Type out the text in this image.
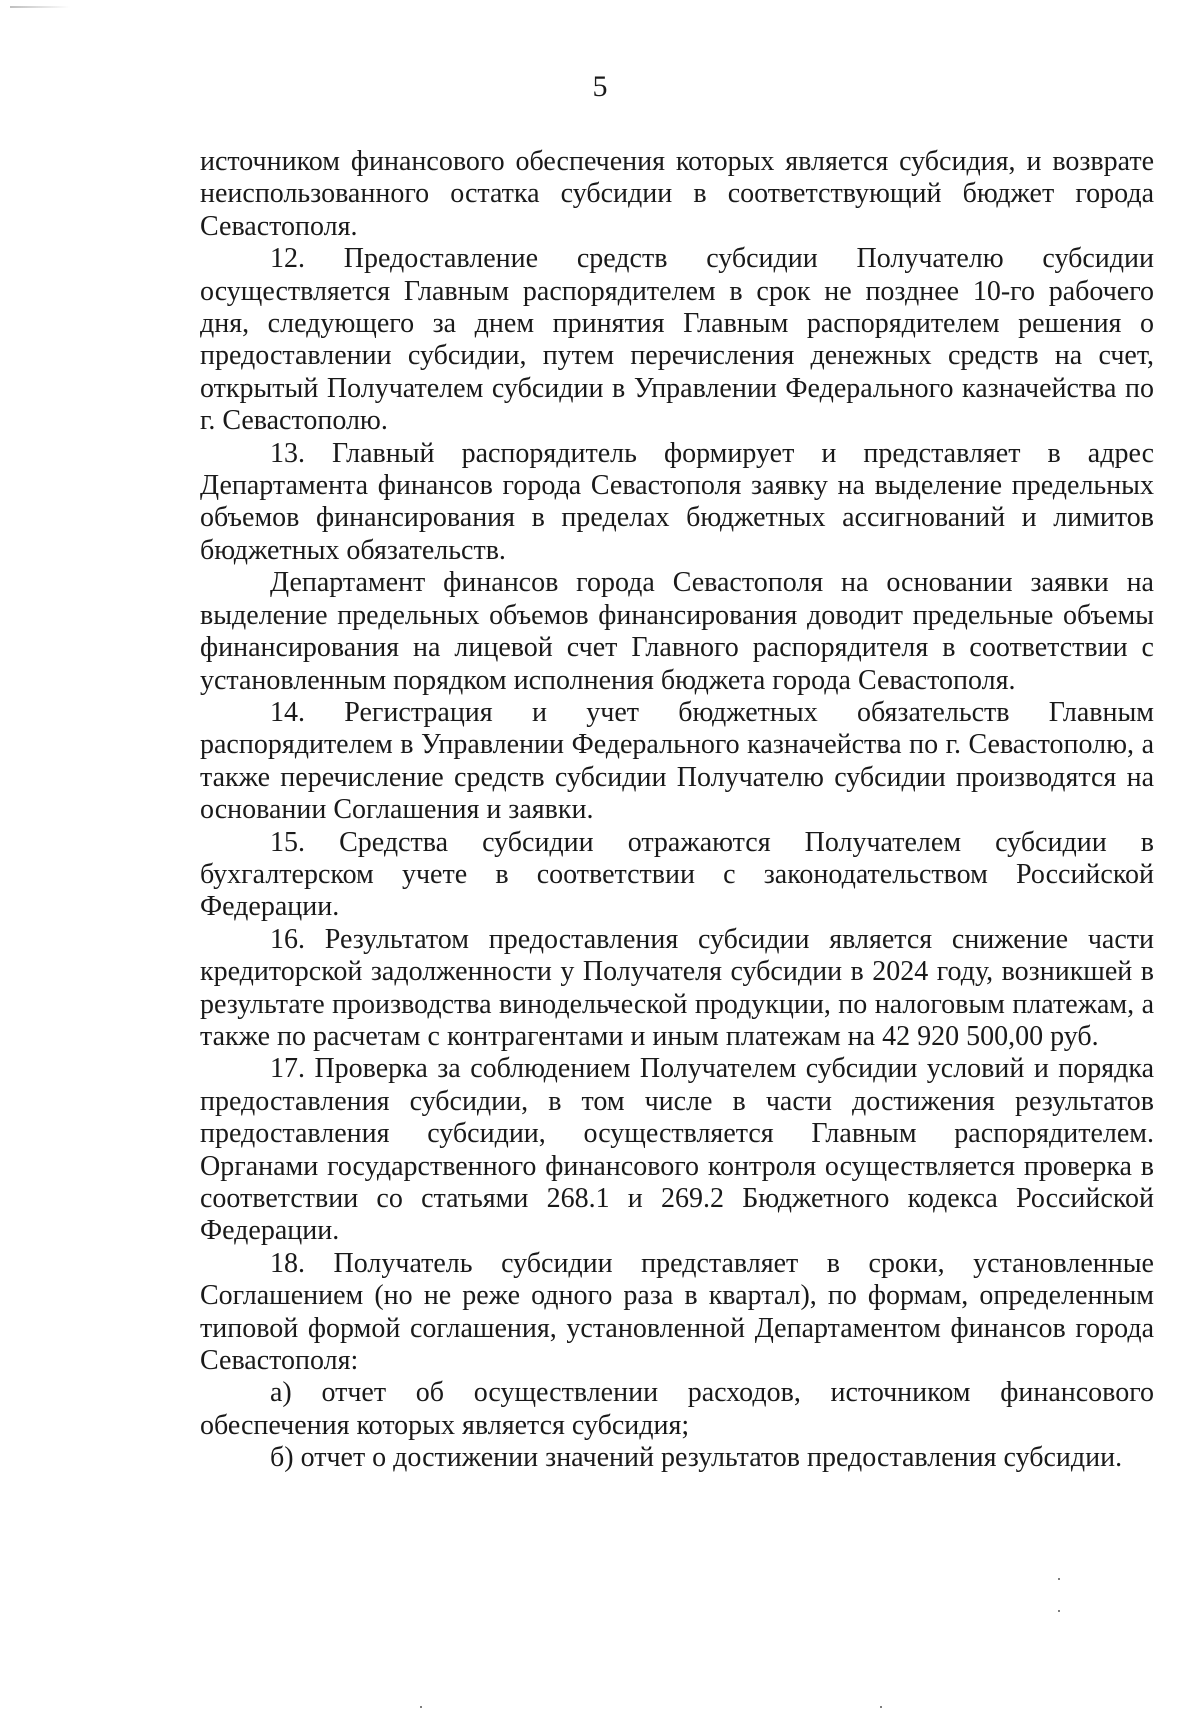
5

источником финансового обеспечения которых является субсидия, и возврате неиспользованного остатка субсидии в соответствующий бюджет города Севастополя.

12. Предоставление средств субсидии Получателю субсидии осуществляется Главным распорядителем в срок не позднее 10-го рабочего дня, следующего за днем принятия Главным распорядителем решения о предоставлении субсидии, путем перечисления денежных средств на счет, открытый Получателем субсидии в Управлении Федерального казначейства по г. Севастополю.

13. Главный распорядитель формирует и представляет в адрес Департамента финансов города Севастополя заявку на выделение предельных объемов финансирования в пределах бюджетных ассигнований и лимитов бюджетных обязательств.

Департамент финансов города Севастополя на основании заявки на выделение предельных объемов финансирования доводит предельные объемы финансирования на лицевой счет Главного распорядителя в соответствии с установленным порядком исполнения бюджета города Севастополя.

14. Регистрация и учет бюджетных обязательств Главным распорядителем в Управлении Федерального казначейства по г. Севастополю, а также перечисление средств субсидии Получателю субсидии производятся на основании Соглашения и заявки.

15. Средства субсидии отражаются Получателем субсидии в бухгалтерском учете в соответствии с законодательством Российской Федерации.

16. Результатом предоставления субсидии является снижение части кредиторской задолженности у Получателя субсидии в 2024 году, возникшей в результате производства винодельческой продукции, по налоговым платежам, а также по расчетам с контрагентами и иным платежам на 42 920 500,00 руб.

17. Проверка за соблюдением Получателем субсидии условий и порядка предоставления субсидии, в том числе в части достижения результатов предоставления субсидии, осуществляется Главным распорядителем. Органами государственного финансового контроля осуществляется проверка в соответствии со статьями 268.1 и 269.2 Бюджетного кодекса Российской Федерации.

18. Получатель субсидии представляет в сроки, установленные Соглашением (но не реже одного раза в квартал), по формам, определенным типовой формой соглашения, установленной Департаментом финансов города Севастополя:

а) отчет об осуществлении расходов, источником финансового обеспечения которых является субсидия;

б) отчет о достижении значений результатов предоставления субсидии.
